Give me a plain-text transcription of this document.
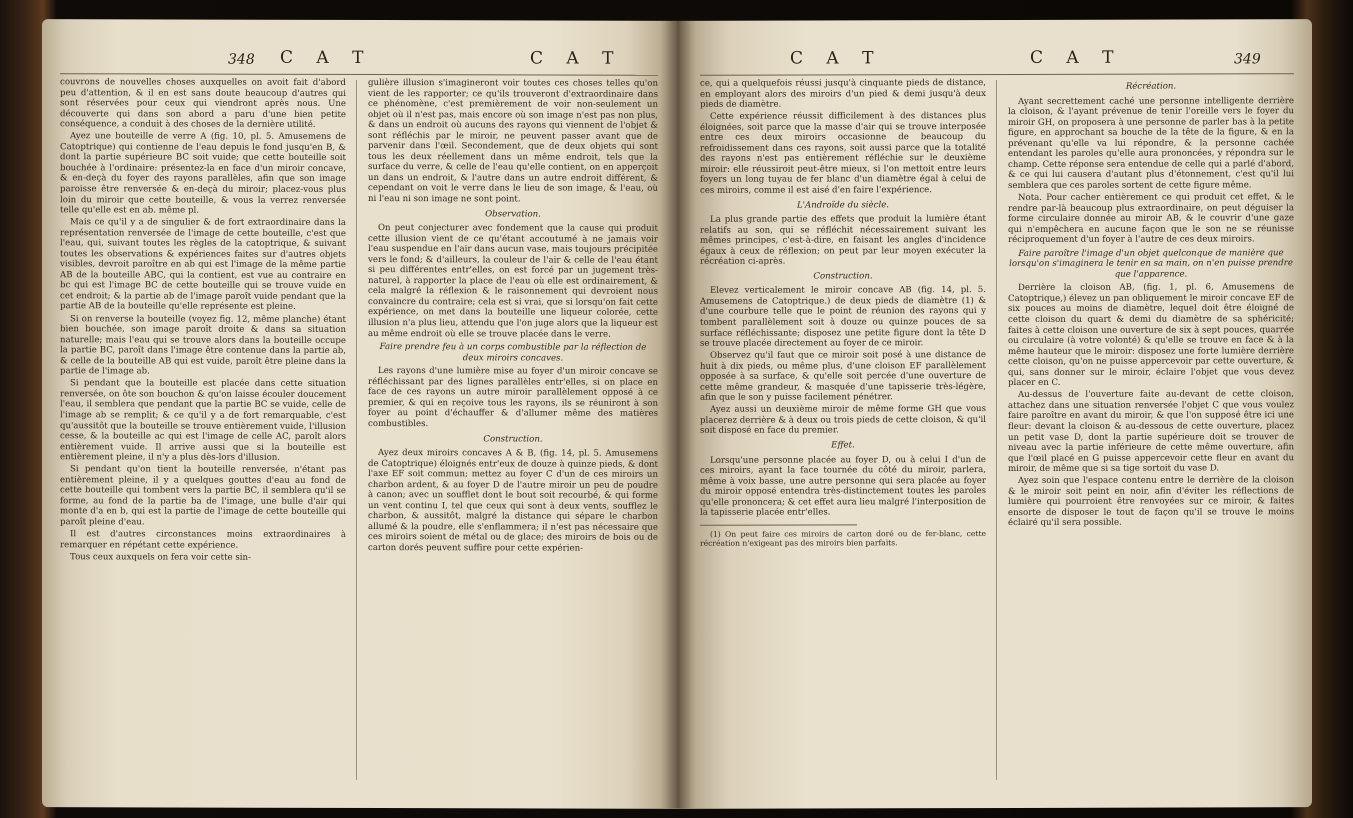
348 C A T	C A T

couvrons de nouvelles choses auxquelles on avoit fait d'abord peu d'attention, & il en est sans doute beaucoup d'autres qui sont réservées pour ceux qui viendront après nous. Une découverte qui dans son abord a paru d'une bien petite conséquence, a conduit à des choses de la dernière utilité.

Ayez une bouteille de verre A (fig. 10, pl. 5. Amusemens de Catoptrique) qui contienne de l'eau depuis le fond jusqu'en B, & dont la partie supérieure BC soit vuide; que cette bouteille soit bouchée à l'ordinaire: présentez-la en face d'un miroir concave, & en-deçà du foyer des rayons parallèles, afin que son image paroisse être renversée & en-deçà du miroir; placez-vous plus loin du miroir que cette bouteille, & vous la verrez renversée telle qu'elle est en ab. même pl.

Mais ce qu'il y a de singulier & de fort extraordinaire dans la représentation renversée de l'image de cette bouteille, c'est que l'eau, qui, suivant toutes les règles de la catoptrique, & suivant toutes les observations & expériences faites sur d'autres objets visibles, devroit paroître en ab qui est l'image de la même partie AB de la bouteille ABC, qui la contient, est vue au contraire en bc qui est l'image BC de cette bouteille qui se trouve vuide en cet endroit; & la partie ab de l'image paroît vuide pendant que la partie AB de la bouteille qu'elle représente est pleine.

Si on renverse la bouteille (voyez fig. 12, même planche) étant bien bouchée, son image paroît droite & dans sa situation naturelle; mais l'eau qui se trouve alors dans la bouteille occupe la partie BC, paroît dans l'image être contenue dans la partie ab, & celle de la bouteille AB qui est vuide, paroît être pleine dans la partie de l'image ab.

Si pendant que la bouteille est placée dans cette situation renversée, on ôte son bouchon & qu'on laisse écouler doucement l'eau, il semblera que pendant que la partie BC se vuide, celle de l'image ab se remplit; & ce qu'il y a de fort remarquable, c'est qu'aussitôt que la bouteille se trouve entièrement vuide, l'illusion cesse, & la bouteille ac qui est l'image de celle AC, paroît alors entièrement vuide. Il arrive aussi que si la bouteille est entièrement pleine, il n'y a plus dès-lors d'illusion.

Si pendant qu'on tient la bouteille renversée, n'étant pas entièrement pleine, il y a quelques gouttes d'eau au fond de cette bouteille qui tombent vers la partie BC, il semblera qu'il se forme, au fond de la partie ba de l'image, une bulle d'air qui monte d'a en b, qui est la partie de l'image de cette bouteille qui paroît pleine d'eau.

Il est d'autres circonstances moins extraordinaires à remarquer en répétant cette expérience.

Tous ceux auxquels on fera voir cette sin-

gulière illusion s'imagineront voir toutes ces choses telles qu'on vient de les rapporter; ce qu'ils trouveront d'extraordinaire dans ce phénomène, c'est premièrement de voir non-seulement un objet où il n'est pas, mais encore où son image n'est pas non plus, & dans un endroit où aucuns des rayons qui viennent de l'objet & sont réfléchis par le miroir, ne peuvent passer avant que de parvenir dans l'œil. Secondement, que de deux objets qui sont tous les deux réellement dans un même endroit, tels que la surface du verre, & celle de l'eau qu'elle contient, on en apperçoit un dans un endroit, & l'autre dans un autre endroit différent, & cependant on voit le verre dans le lieu de son image, & l'eau, où ni l'eau ni son image ne sont point.

Observation.

On peut conjecturer avec fondement que la cause qui produit cette illusion vient de ce qu'étant accoutumé à ne jamais voir l'eau suspendue en l'air dans aucun vase, mais toujours précipitée vers le fond; & d'ailleurs, la couleur de l'air & celle de l'eau étant si peu différentes entr'elles, on est forcé par un jugement très-naturel, à rapporter la place de l'eau où elle est ordinairement, & cela malgré la réflexion & le raisonnement qui devroient nous convaincre du contraire; cela est si vrai, que si lorsqu'on fait cette expérience, on met dans la bouteille une liqueur colorée, cette illusion n'a plus lieu, attendu que l'on juge alors que la liqueur est au même endroit où elle se trouve placée dans le verre.

Faire prendre feu à un corps combustible par la réflection de deux miroirs concaves.

Les rayons d'une lumière mise au foyer d'un miroir concave se réfléchissant par des lignes parallèles entr'elles, si on place en face de ces rayons un autre miroir parallèlement opposé à ce premier, & qui en reçoive tous les rayons, ils se réuniront à son foyer au point d'échauffer & d'allumer même des matières combustibles.

Construction.

Ayez deux miroirs concaves A & B, (fig. 14, pl. 5. Amusemens de Catoptrique) éloignés entr'eux de douze à quinze pieds, & dont l'axe EF soit commun; mettez au foyer C d'un de ces miroirs un charbon ardent, & au foyer D de l'autre miroir un peu de poudre à canon; avec un soufflet dont le bout soit recourbé, & qui forme un vent continu I, tel que ceux qui sont à deux vents, soufflez le charbon, & aussitôt, malgré la distance qui sépare le charbon allumé & la poudre, elle s'enflammera; il n'est pas nécessaire que ces miroirs soient de métal ou de glace; des miroirs de bois ou de carton dorés peuvent suffire pour cette expérien-

C A T	C A T	349

ce, qui a quelquefois réussi jusqu'à cinquante pieds de distance, en employant alors des miroirs d'un pied & demi jusqu'à deux pieds de diamètre.

Cette expérience réussit difficilement à des distances plus éloignées, soit parce que la masse d'air qui se trouve interposée entre ces deux miroirs occasionne de beaucoup du refroidissement dans ces rayons, soit aussi parce que la totalité des rayons n'est pas entièrement réfléchie sur le deuxième miroir: elle réussiroit peut-être mieux, si l'on mettoit entre leurs foyers un long tuyau de fer blanc d'un diamètre égal à celui de ces miroirs, comme il est aisé d'en faire l'expérience.

L'Androïde du siècle.

La plus grande partie des effets que produit la lumière étant relatifs au son, qui se réfléchit nécessairement suivant les mêmes principes, c'est-à-dire, en faisant les angles d'incidence égaux à ceux de réflexion; on peut par leur moyen exécuter la récréation ci-après.

Construction.

Elevez verticalement le miroir concave AB (fig. 14, pl. 5. Amusemens de Catoptrique.) de deux pieds de diamètre (1) & d'une courbure telle que le point de réunion des rayons qui y tombent parallèlement soit à douze ou quinze pouces de sa surface réfléchissante; disposez une petite figure dont la tête D se trouve placée directement au foyer de ce miroir.

Observez qu'il faut que ce miroir soit posé à une distance de huit à dix pieds, ou même plus, d'une cloison EF parallèlement opposée à sa surface, & qu'elle soit percée d'une ouverture de cette même grandeur, & masquée d'une tapisserie très-légère, afin que le son y puisse facilement pénétrer.

Ayez aussi un deuxième miroir de même forme GH que vous placerez derrière & à deux ou trois pieds de cette cloison, & qu'il soit disposé en face du premier.

Effet.

Lorsqu'une personne placée au foyer D, ou à celui I d'un de ces miroirs, ayant la face tournée du côté du miroir, parlera, même à voix basse, une autre personne qui sera placée au foyer du miroir opposé entendra très-distinctement toutes les paroles qu'elle prononcera; & cet effet aura lieu malgré l'interposition de la tapisserie placée entr'elles.

(1) On peut faire ces miroirs de carton doré ou de fer-blanc, cette récréation n'exigeant pas des miroirs bien parfaits.

Récréation.

Ayant secrettement caché une personne intelligente derrière la cloison, & l'ayant prévenue de tenir l'oreille vers le foyer du miroir GH, on proposera à une personne de parler bas à la petite figure, en approchant sa bouche de la tête de la figure, & en la prévenant qu'elle va lui répondre, & la personne cachée entendant les paroles qu'elle aura prononcées, y répondra sur le champ. Cette réponse sera entendue de celle qui a parlé d'abord, & ce qui lui causera d'autant plus d'étonnement, c'est qu'il lui semblera que ces paroles sortent de cette figure même.

Nota. Pour cacher entièrement ce qui produit cet effet, & le rendre par-là beaucoup plus extraordinaire, on peut déguiser la forme circulaire donnée au miroir AB, & le couvrir d'une gaze qui n'empêchera en aucune façon que le son ne se réunisse réciproquement d'un foyer à l'autre de ces deux miroirs.

Faire paroître l'image d'un objet quelconque de manière que lorsqu'on s'imaginera le tenir en sa main, on n'en puisse prendre que l'apparence.

Derrière la cloison AB, (fig. 1, pl. 6, Amusemens de Catoptrique,) élevez un pan obliquement le miroir concave EF de six pouces au moins de diamètre, lequel doit être éloigné de cette cloison du quart & demi du diamètre de sa sphéricité; faites à cette cloison une ouverture de six à sept pouces, quarrée ou circulaire (à votre volonté) & qu'elle se trouve en face & à la même hauteur que le miroir: disposez une forte lumière derrière cette cloison, qu'on ne puisse appercevoir par cette ouverture, & qui, sans donner sur le miroir, éclaire l'objet que vous devez placer en C.

Au-dessus de l'ouverture faite au-devant de cette cloison, attachez dans une situation renversée l'objet C que vous voulez faire paroître en avant du miroir, & que l'on supposé être ici une fleur: devant la cloison & au-dessous de cette ouverture, placez un petit vase D, dont la partie supérieure doit se trouver de niveau avec la partie inférieure de cette même ouverture, afin que l'œil placé en G puisse appercevoir cette fleur en avant du miroir, de même que si sa tige sortoit du vase D.

Ayez soin que l'espace contenu entre le derrière de la cloison & le miroir soit peint en noir, afin d'éviter les réflections de lumière qui pourroient être renvoyées sur ce miroir, & faites ensorte de disposer le tout de façon qu'il se trouve le moins éclairé qu'il sera possible.
